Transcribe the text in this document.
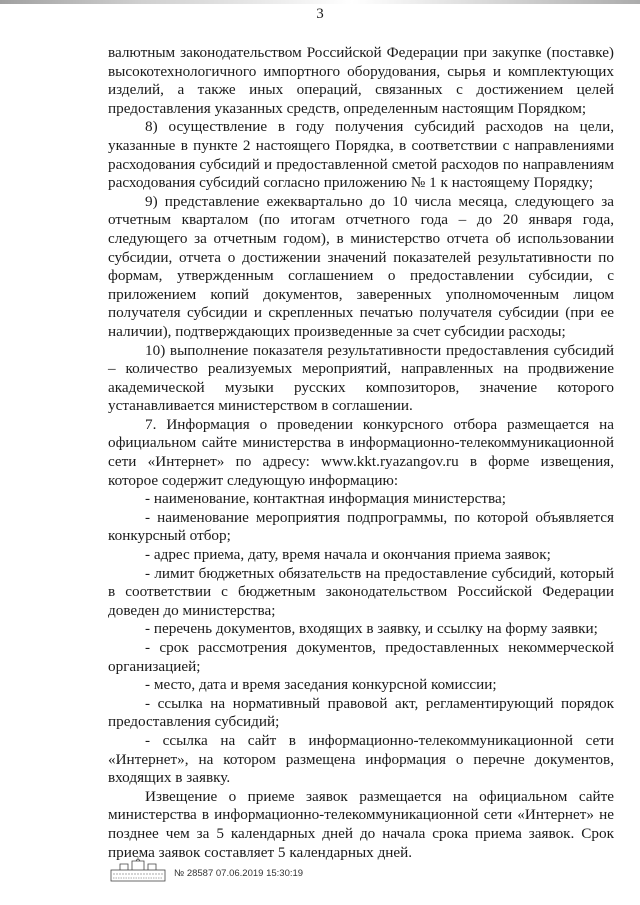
3

валютным законодательством Российской Федерации при закупке (поставке) высокотехнологичного импортного оборудования, сырья и комплектующих изделий, а также иных операций, связанных с достижением целей предоставления указанных средств, определенным настоящим Порядком;

8) осуществление в году получения субсидий расходов на цели, указанные в пункте 2 настоящего Порядка, в соответствии с направлениями расходования субсидий и предоставленной сметой расходов по направлениям расходования субсидий согласно приложению № 1 к настоящему Порядку;

9) представление ежеквартально до 10 числа месяца, следующего за отчетным кварталом (по итогам отчетного года – до 20 января года, следующего за отчетным годом), в министерство отчета об использовании субсидии, отчета о достижении значений показателей результативности по формам, утвержденным соглашением о предоставлении субсидии, с приложением копий документов, заверенных уполномоченным лицом получателя субсидии и скрепленных печатью получателя субсидии (при ее наличии), подтверждающих произведенные за счет субсидии расходы;

10) выполнение показателя результативности предоставления субсидий – количество реализуемых мероприятий, направленных на продвижение академической музыки русских композиторов, значение которого устанавливается министерством в соглашении.

7. Информация о проведении конкурсного отбора размещается на официальном сайте министерства в информационно-телекоммуникационной сети «Интернет» по адресу: www.kkt.ryazangov.ru в форме извещения, которое содержит следующую информацию:

- наименование, контактная информация министерства;

- наименование мероприятия подпрограммы, по которой объявляется конкурсный отбор;

- адрес приема, дату, время начала и окончания приема заявок;

- лимит бюджетных обязательств на предоставление субсидий, который в соответствии с бюджетным законодательством Российской Федерации доведен до министерства;

- перечень документов, входящих в заявку, и ссылку на форму заявки;

- срок рассмотрения документов, предоставленных некоммерческой организацией;

- место, дата и время заседания конкурсной комиссии;

- ссылка на нормативный правовой акт, регламентирующий порядок предоставления субсидий;

- ссылка на сайт в информационно-телекоммуникационной сети «Интернет», на котором размещена информация о перечне документов, входящих в заявку.

Извещение о приеме заявок размещается на официальном сайте министерства в информационно-телекоммуникационной сети «Интернет» не позднее чем за 5 календарных дней до начала срока приема заявок. Срок приема заявок составляет 5 календарных дней.

№ 28587 07.06.2019 15:30:19
